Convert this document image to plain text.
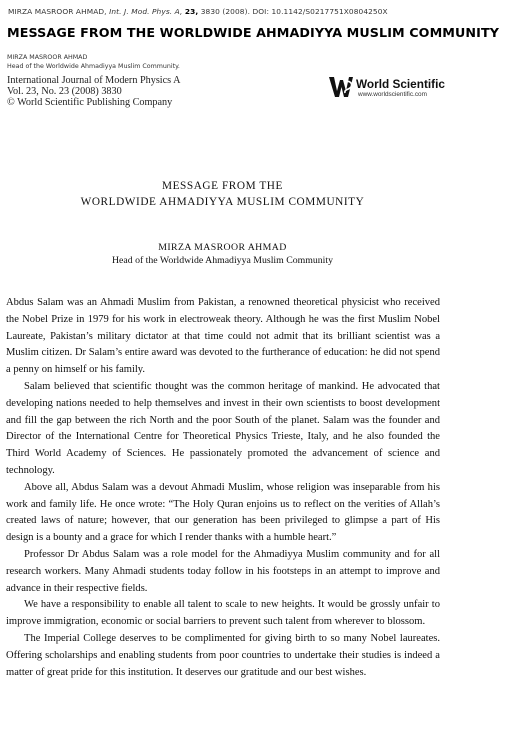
MIRZA MASROOR AHMAD, Int. J. Mod. Phys. A, 23, 3830 (2008). DOI: 10.1142/S0217751X0804250X
MESSAGE FROM THE WORLDWIDE AHMADIYYA MUSLIM COMMUNITY
MIRZA MASROOR AHMAD
Head of the Worldwide Ahmadiyya Muslim Community.
International Journal of Modern Physics A
Vol. 23, No. 23 (2008) 3830
© World Scientific Publishing Company
World Scientific
www.worldscientific.com
MESSAGE FROM THE
WORLDWIDE AHMADIYYA MUSLIM COMMUNITY
MIRZA MASROOR AHMAD
Head of the Worldwide Ahmadiyya Muslim Community

Abdus Salam was an Ahmadi Muslim from Pakistan, a renowned theoretical physicist who received the Nobel Prize in 1979 for his work in electroweak theory. Although he was the first Muslim Nobel Laureate, Pakistan’s military dictator at that time could not admit that its brilliant scientist was a Muslim citizen. Dr Salam’s entire award was devoted to the furtherance of education: he did not spend a penny on himself or his family.

Salam believed that scientific thought was the common heritage of mankind. He advocated that developing nations needed to help themselves and invest in their own scientists to boost development and fill the gap between the rich North and the poor South of the planet. Salam was the founder and Director of the International Centre for Theoretical Physics Trieste, Italy, and he also founded the Third World Academy of Sciences. He passionately promoted the advancement of science and technology.

Above all, Abdus Salam was a devout Ahmadi Muslim, whose religion was inseparable from his work and family life. He once wrote: “The Holy Quran enjoins us to reflect on the verities of Allah’s created laws of nature; however, that our generation has been privileged to glimpse a part of His design is a bounty and a grace for which I render thanks with a humble heart.”

Professor Dr Abdus Salam was a role model for the Ahmadiyya Muslim community and for all research workers. Many Ahmadi students today follow in his footsteps in an attempt to improve and advance in their respective fields.

We have a responsibility to enable all talent to scale to new heights. It would be grossly unfair to improve immigration, economic or social barriers to prevent such talent from wherever to blossom.

The Imperial College deserves to be complimented for giving birth to so many Nobel laureates. Offering scholarships and enabling students from poor countries to undertake their studies is indeed a matter of great pride for this institution. It deserves our gratitude and our best wishes.
